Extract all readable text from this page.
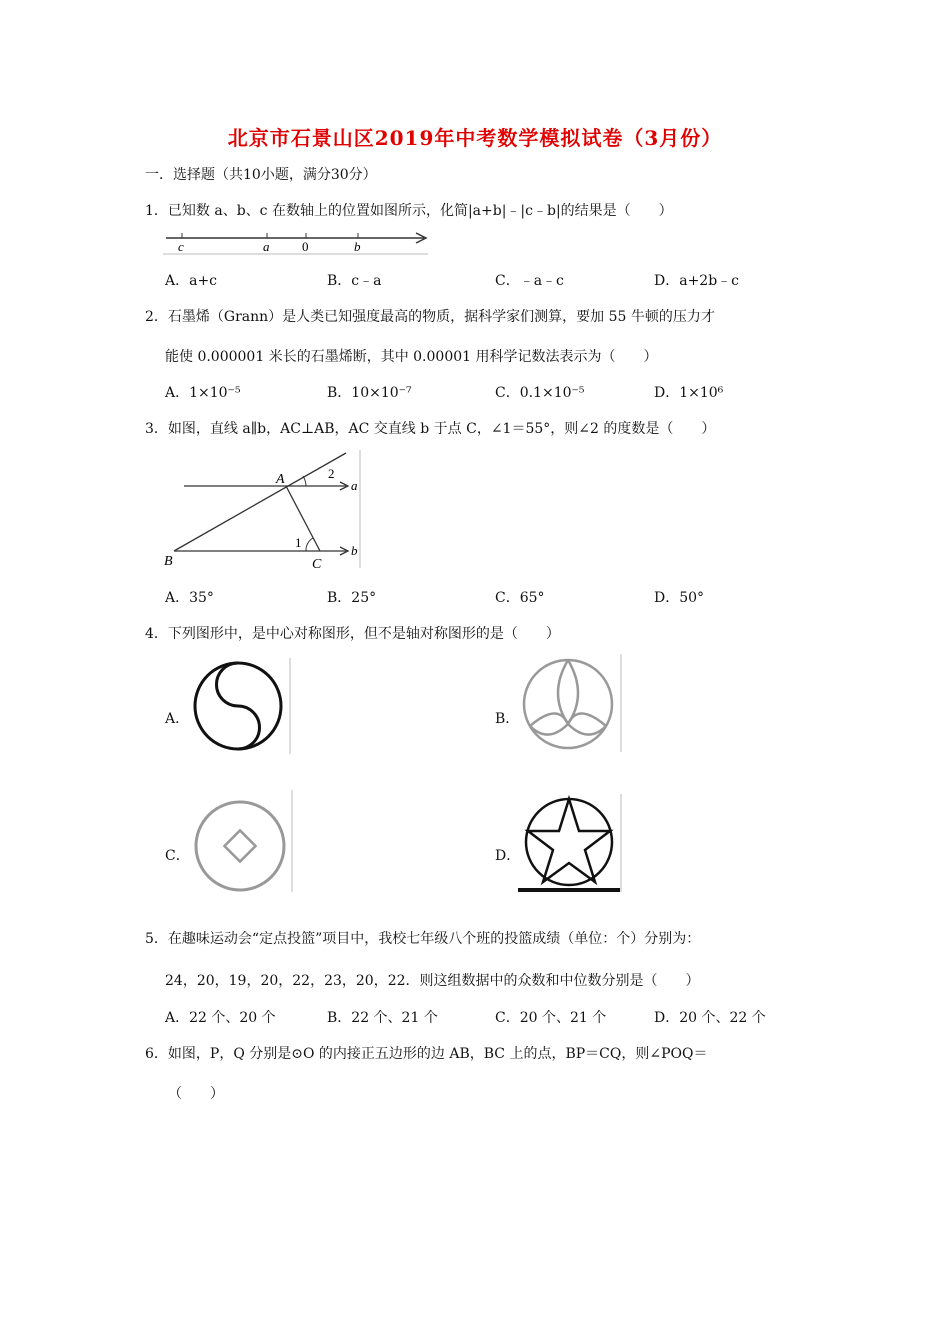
北京市石景山区2019年中考数学模拟试卷（3月份）
一．选择题（共10小题，满分30分）
1．已知数 a、b、c 在数轴上的位置如图所示，化简|a+b|﹣|c﹣b|的结果是（　　）
c	a	0	b
A．a+c	B．c﹣a	C．﹣a﹣c	D．a+2b﹣c
2．石墨烯（Grann）是人类已知强度最高的物质，据科学家们测算，要加 55 牛顿的压力才
能使 0.000001 米长的石墨烯断，其中 0.00001 用科学记数法表示为（　　）
A．1×10⁻⁵	B．10×10⁻⁷	C．0.1×10⁻⁵	D．1×10⁶
3．如图，直线 a∥b，AC⊥AB，AC 交直线 b 于点 C，∠1＝55°，则∠2 的度数是（　　）
A
B	C
a
b
1
2
A．35°	B．25°	C．65°	D．50°
4．下列图形中，是中心对称图形，但不是轴对称图形的是（　　）
A．	B．
C．	D．
5．在趣味运动会“定点投篮”项目中，我校七年级八个班的投篮成绩（单位：个）分别为：
24，20，19，20，22，23，20，22．则这组数据中的众数和中位数分别是（　　）
A．22 个、20 个	B．22 个、21 个	C．20 个、21 个	D．20 个、22 个
6．如图，P，Q 分别是⊙O 的内接正五边形的边 AB，BC 上的点，BP＝CQ，则∠POQ＝
（　　）
